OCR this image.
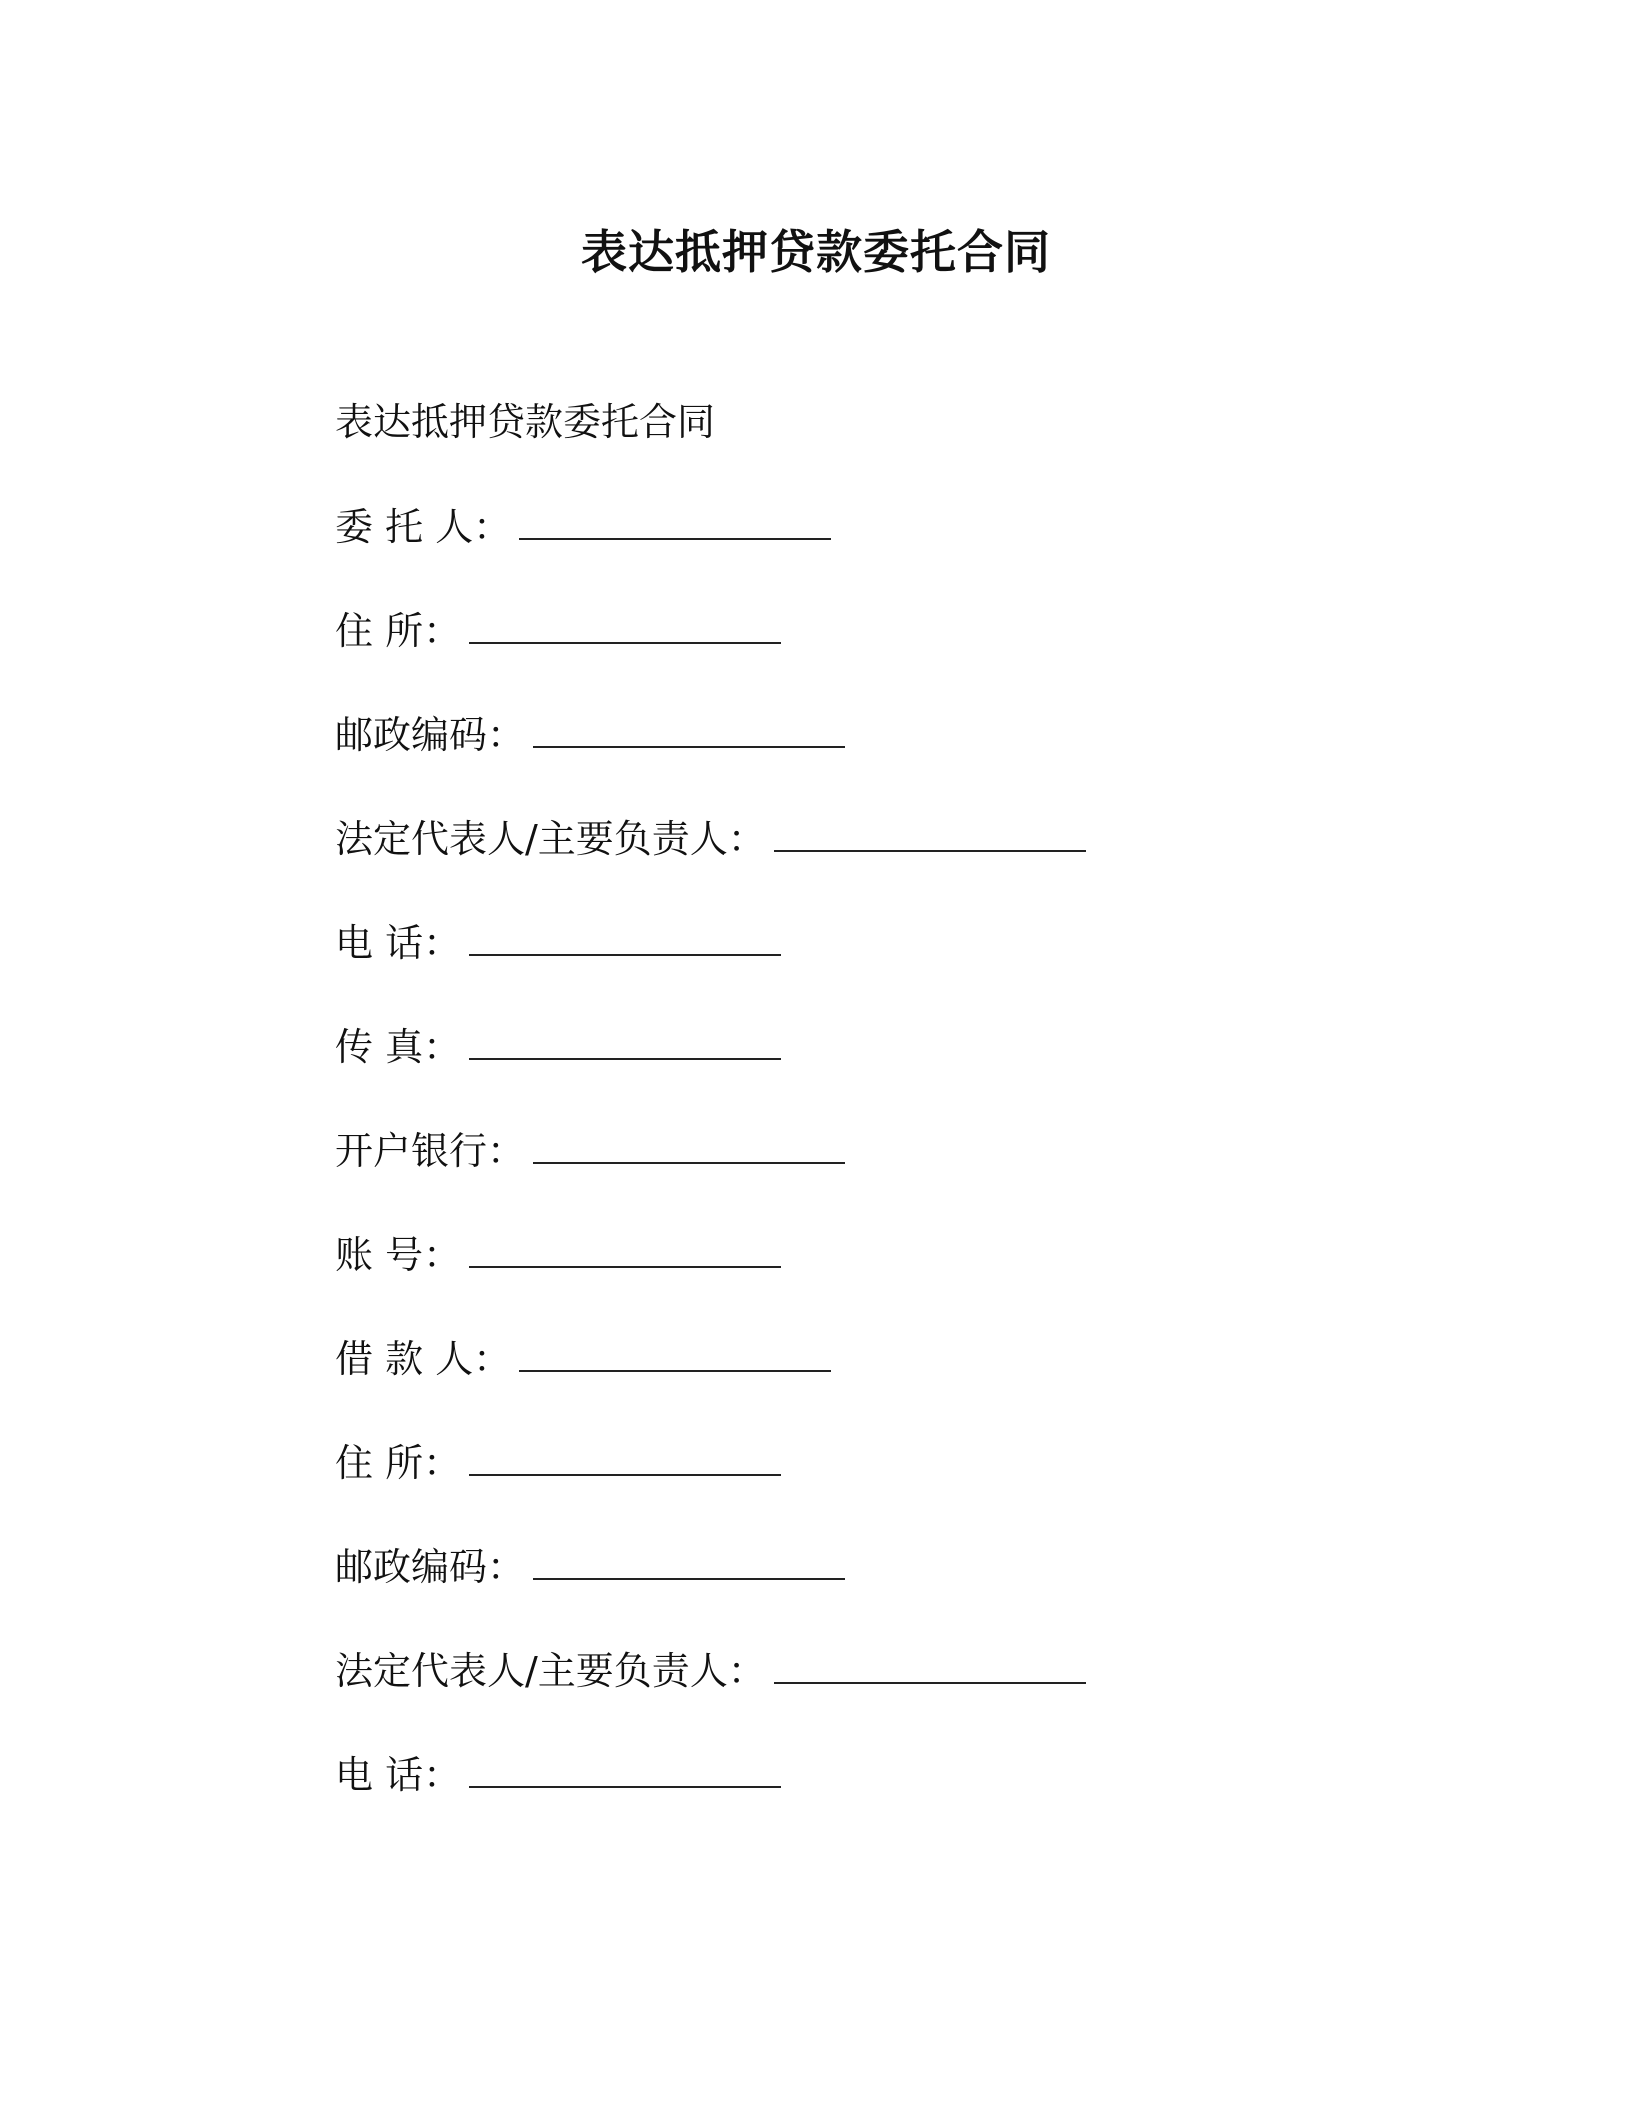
表达抵押贷款委托合同
表达抵押贷款委托合同
委 托 人：
住 所：
邮政编码：
法定代表人/主要负责人：
电 话：
传 真：
开户银行：
账 号：
借 款 人：
住 所：
邮政编码：
法定代表人/主要负责人：
电 话：
